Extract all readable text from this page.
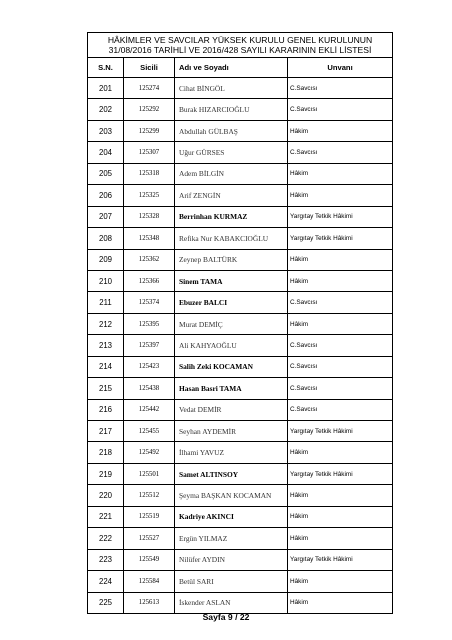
HÂKİMLER VE SAVCILAR YÜKSEK KURULU GENEL KURULUNUN
31/08/2016 TARİHLİ VE 2016/428 SAYILI KARARININ EKLİ LİSTESİ			

S.N.	Sicili	Adı ve Soyadı	Unvanı
201	125274	Cihat BİNGÖL	C.Savcısı
202	125292	Burak HIZARCIOĞLU	C.Savcısı
203	125299	Abdullah GÜLBAŞ	Hâkim
204	125307	Uğur GÜRSES	C.Savcısı
205	125318	Adem BİLGİN	Hâkim
206	125325	Arif ZENGİN	Hâkim
207	125328	Berrinhan KURMAZ	Yargıtay Tetkik Hâkimi
208	125348	Refika Nur KABAKCIOĞLU	Yargıtay Tetkik Hâkimi
209	125362	Zeynep BALTÜRK	Hâkim
210	125366	Sinem TAMA	Hâkim
211	125374	Ebuzer BALCI	C.Savcısı
212	125395	Murat DEMİÇ	Hâkim
213	125397	Ali KAHYAOĞLU	C.Savcısı
214	125423	Salih Zeki KOCAMAN	C.Savcısı
215	125438	Hasan Basri TAMA	C.Savcısı
216	125442	Vedat DEMİR	C.Savcısı
217	125455	Seyhan AYDEMİR	Yargıtay Tetkik Hâkimi
218	125492	İlhami YAVUZ	Hâkim
219	125501	Samet ALTINSOY	Yargıtay Tetkik Hâkimi
220	125512	Şeyma BAŞKAN KOCAMAN	Hâkim
221	125519	Kadriye AKINCI	Hâkim
222	125527	Ergün YILMAZ	Hâkim
223	125549	Nilüfer AYDIN	Yargıtay Tetkik Hâkimi
224	125584	Betül SARI	Hâkim
225	125613	İskender ASLAN	Hâkim
Sayfa 9 / 22
